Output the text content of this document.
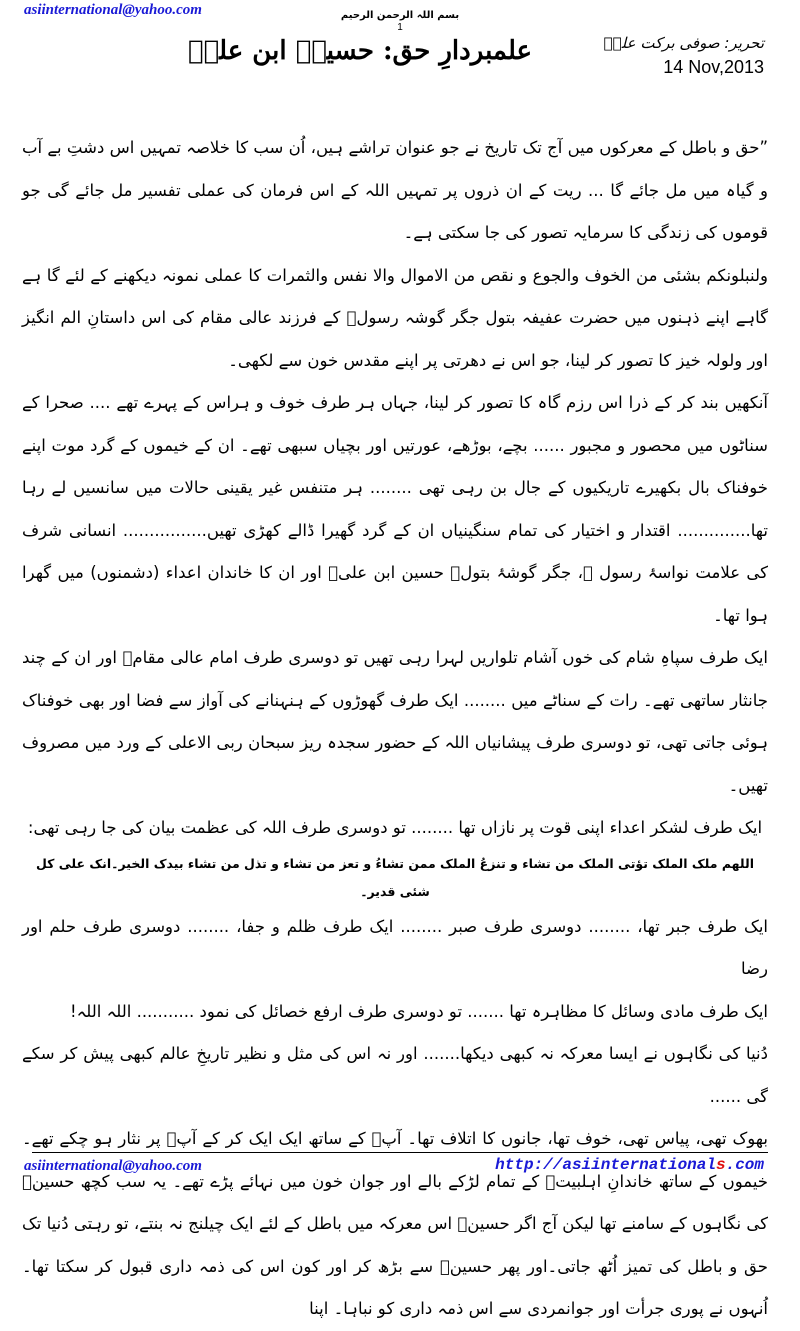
asiinternational@yahoo.com	بسم اللہ الرحمن الرحیم
1
علمبردارِ حق: حسینؑ ابن علیؑ	تحریر: صوفی برکت علیؒ
14 Nov,2013

”حق و باطل کے معرکوں میں آج تک تاریخ نے جو عنوان تراشے ہیں، اُن سب کا خلاصہ تمہیں اس دشتِ بے آب و گیاہ میں مل جائے گا ... ریت کے ان ذروں پر تمہیں اللہ کے اس فرمان کی عملی تفسیر مل جائے گی جو قوموں کی زندگی کا سرمایہ تصور کی جا سکتی ہے۔

ولنبلونکم بشئی من الخوف والجوع و نقص من الاموال والا نفس والثمرات کا عملی نمونہ دیکھنے کے لئے گا ہے گاہے اپنے ذہنوں میں حضرت عفیفہ بتول جگر گوشہ رسولؐ کے فرزند عالی مقام کی اس داستانِ الم انگیز اور ولولہ خیز کا تصور کر لینا، جو اس نے دھرتی پر اپنے مقدس خون سے لکھی۔

آنکھیں بند کر کے ذرا اس رزم گاہ کا تصور کر لینا، جہاں ہر طرف خوف و ہراس کے پہرے تھے .... صحرا کے سناٹوں میں محصور و مجبور ...... بچے، بوڑھے، عورتیں اور بچیاں سبھی تھے۔ ان کے خیموں کے گرد موت اپنے خوفناک بال بکھیرے تاریکیوں کے جال بن رہی تھی ........ ہر متنفس غیر یقینی حالات میں سانسیں لے رہا تھا.............. اقتدار و اختیار کی تمام سنگینیاں ان کے گرد گھیرا ڈالے کھڑی تھیں................ انسانی شرف کی علامت نواسۂ رسول ﷺ، جگر گوشۂ بتولؓ حسین ابن علیؑ اور ان کا خاندان اعداء (دشمنوں) میں گھرا ہوا تھا۔

ایک طرف سپاہِ شام کی خوں آشام تلواریں لہرا رہی تھیں تو دوسری طرف امام عالی مقامؑ اور ان کے چند جانثار ساتھی تھے۔ رات کے سناٹے میں ........ ایک طرف گھوڑوں کے ہنہنانے کی آواز سے فضا اور بھی خوفناک ہوئی جاتی تھی، تو دوسری طرف پیشانیاں اللہ کے حضور سجدہ ریز سبحان ربی الاعلی کے ورد میں مصروف تھیں۔

ایک طرف لشکر اعداء اپنی قوت پر نازاں تھا ........ تو دوسری طرف اللہ کی عظمت بیان کی جا رہی تھی:

اللھم ملک الملک تؤتی الملک من تشاء و تنزعُ الملک ممن تشاءُ و تعز من تشاء و تذل من تشاء بیدک الخیر۔انک علی کل شئی قدیر۔

ایک طرف جبر تھا، ........ دوسری طرف صبر ........ ایک طرف ظلم و جفا، ........ دوسری طرف حلم اور رضا

ایک طرف مادی وسائل کا مظاہرہ تھا ....... تو دوسری طرف ارفع خصائل کی نمود ........... اللہ اللہ!

دُنیا کی نگاہوں نے ایسا معرکہ نہ کبھی دیکھا....... اور نہ اس کی مثل و نظیر تاریخِ عالم کبھی پیش کر سکے گی ......

بھوک تھی، پیاس تھی، خوف تھا، جانوں کا اتلاف تھا۔ آپؑ کے ساتھ ایک ایک کر کے آپؑ پر نثار ہو چکے تھے۔خیموں کے ساتھ خاندانِ اہلبیتؓ کے تمام لڑکے بالے اور جوان خون میں نہائے پڑے تھے۔ یہ سب کچھ حسینؑ کی نگاہوں کے سامنے تھا لیکن آج اگر حسینؑ اس معرکہ میں باطل کے لئے ایک چیلنج نہ بنتے، تو رہتی دُنیا تک حق و باطل کی تمیز اُٹھ جاتی۔اور پھر حسینؑ سے بڑھ کر اور کون اس کی ذمہ داری قبول کر سکتا تھا۔اُنہوں نے پوری جرأت اور جوانمردی سے اس ذمہ داری کو نباہا۔ اپنا

asiinternational@yahoo.com	http://asiinternationals.com
